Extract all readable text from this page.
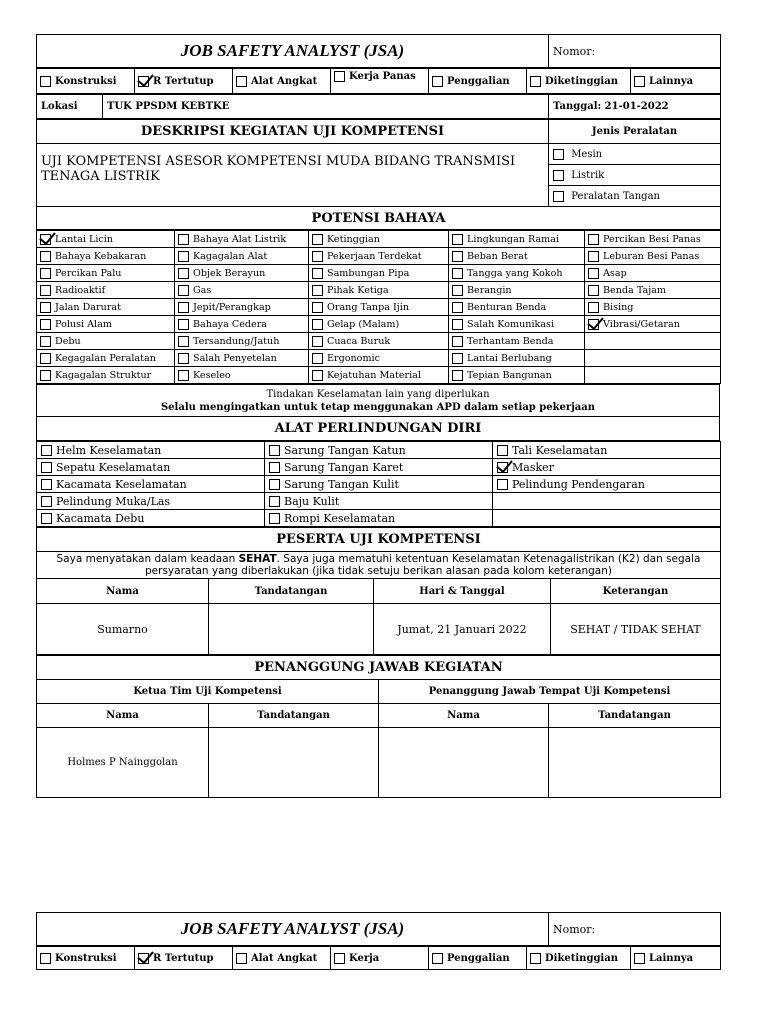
JOB SAFETY ANALYST (JSA)	Nomor:
Konstruksi	R Tertutup	Alat Angkat	Kerja Panas	Penggalian	Diketinggian	Lainnya
Lokasi	TUK PPSDM KEBTKE	Tanggal: 21-01-2022
DESKRIPSI KEGIATAN UJI KOMPETENSI	Jenis Peralatan
UJI KOMPETENSI ASESOR KOMPETENSI MUDA BIDANG TRANSMISI TENAGA LISTRIK	Mesin
	Listrik
	Peralatan Tangan
POTENSI BAHAYA	
Lantai Licin	Bahaya Alat Listrik	Ketinggian	Lingkungan Ramai	Percikan Besi Panas
Bahaya Kebakaran	Kagagalan Alat	Pekerjaan Terdekat	Beban Berat	Leburan Besi Panas
Percikan Palu	Objek Berayun	Sambungan Pipa	Tangga yang Kokoh	Asap
Radioaktif	Gas	Pihak Ketiga	Berangin	Benda Tajam
Jalan Darurat	Jepit/Perangkap	Orang Tanpa Ijin	Benturan Benda	Bising
Polusi Alam	Bahaya Cedera	Gelap (Malam)	Salah Komunikasi	Vibrasi/Getaran
Debu	Tersandung/Jatuh	Cuaca Buruk	Terhantam Benda	
Kegagalan Peralatan	Salah Penyetelan	Ergonomic	Lantai Berlubang	
Kagagalan Struktur	Keseleo	Kejatuhan Material	Tepian Bangunan	
Tindakan Keselamatan lain yang diperlukan
Selalu mengingatkan untuk tetap menggunakan APD dalam setiap pekerjaan

ALAT PERLINDUNGAN DIRI
Helm Keselamatan	Sarung Tangan Katun	Tali Keselamatan
Sepatu Keselamatan	Sarung Tangan Karet	Masker
Kacamata Keselamatan	Sarung Tangan Kulit	Pelindung Pendengaran
Pelindung Muka/Las	Baju Kulit	
Kacamata Debu	Rompi Keselamatan	
PESERTA UJI KOMPETENSI			
Saya menyatakan dalam keadaan SEHAT. Saya juga mematuhi ketentuan Keselamatan Ketenagalistrikan (K2) dan segala persyaratan yang diberlakukan (jika tidak setuju berikan alasan pada kolom keterangan)			
Nama	Tandatangan	Hari & Tanggal	Keterangan
Sumarno		Jumat, 21 Januari 2022	SEHAT / TIDAK SEHAT
PENANGGUNG JAWAB KEGIATAN			
Ketua Tim Uji Kompetensi		Penanggung Jawab Tempat Uji Kompetensi	
Nama	Tandatangan	Nama	Tandatangan
Holmes P Nainggolan			
JOB SAFETY ANALYST (JSA)	Nomor:
Konstruksi	R Tertutup	Alat Angkat	Kerja	Penggalian	Diketinggian	Lainnya
